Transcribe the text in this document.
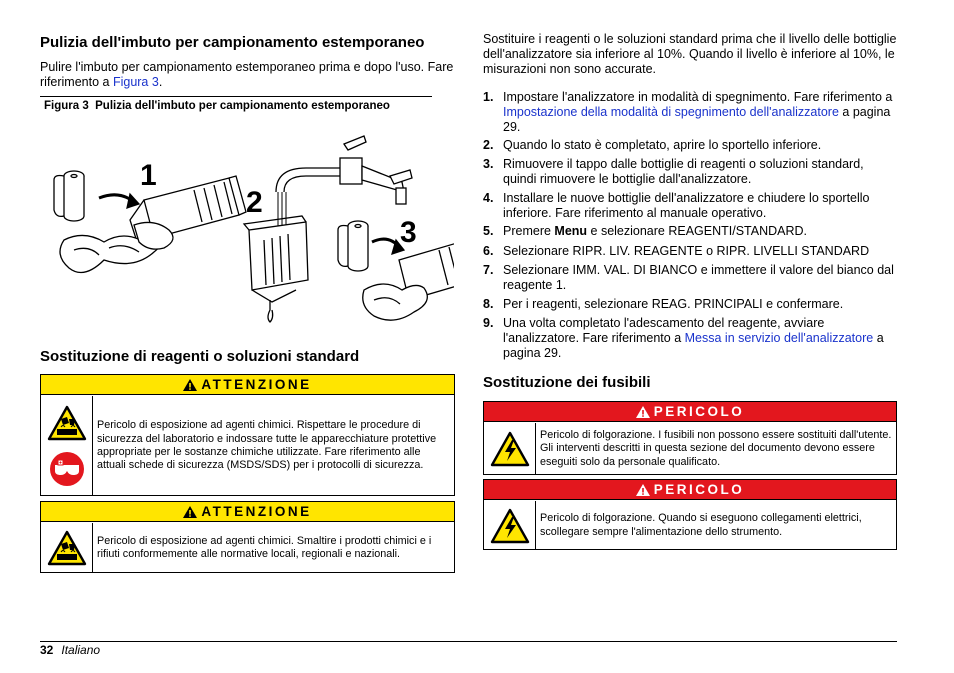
Pulizia dell'imbuto per campionamento estemporaneo

Pulire l'imbuto per campionamento estemporaneo prima e dopo l'uso. Fare riferimento a Figura 3.

Figura 3 Pulizia dell'imbuto per campionamento estemporaneo
1
2
3
Sostituzione di reagenti o soluzioni standard
ATTENZIONE
Pericolo di esposizione ad agenti chimici. Rispettare le procedure di sicurezza del laboratorio e indossare tutte le apparecchiature protettive appropriate per le sostanze chimiche utilizzate. Fare riferimento alle attuali schede di sicurezza (MSDS/SDS) per i protocolli di sicurezza.
ATTENZIONE
Pericolo di esposizione ad agenti chimici. Smaltire i prodotti chimici e i rifiuti conformemente alle normative locali, regionali e nazionali.

Sostituire i reagenti o le soluzioni standard prima che il livello delle bottiglie dell'analizzatore sia inferiore al 10%. Quando il livello è inferiore al 10%, le misurazioni non sono accurate.

1. Impostare l'analizzatore in modalità di spegnimento. Fare riferimento a Impostazione della modalità di spegnimento dell'analizzatore a pagina 29.
2. Quando lo stato è completato, aprire lo sportello inferiore.
3. Rimuovere il tappo dalle bottiglie di reagenti o soluzioni standard, quindi rimuovere le bottiglie dall'analizzatore.
4. Installare le nuove bottiglie dell'analizzatore e chiudere lo sportello inferiore. Fare riferimento al manuale operativo.
5. Premere Menu e selezionare REAGENTI/STANDARD.
6. Selezionare RIPR. LIV. REAGENTE o RIPR. LIVELLI STANDARD
7. Selezionare IMM. VAL. DI BIANCO e immettere il valore del bianco dal reagente 1.
8. Per i reagenti, selezionare REAG. PRINCIPALI e confermare.
9. Una volta completato l'adescamento del reagente, avviare l'analizzatore. Fare riferimento a Messa in servizio dell'analizzatore a pagina 29.
Sostituzione dei fusibili
PERICOLO
Pericolo di folgorazione. I fusibili non possono essere sostituiti dall'utente. Gli interventi descritti in questa sezione del documento devono essere eseguiti solo da personale qualificato.
PERICOLO
Pericolo di folgorazione. Quando si eseguono collegamenti elettrici, scollegare sempre l'alimentazione dello strumento.
32 Italiano
